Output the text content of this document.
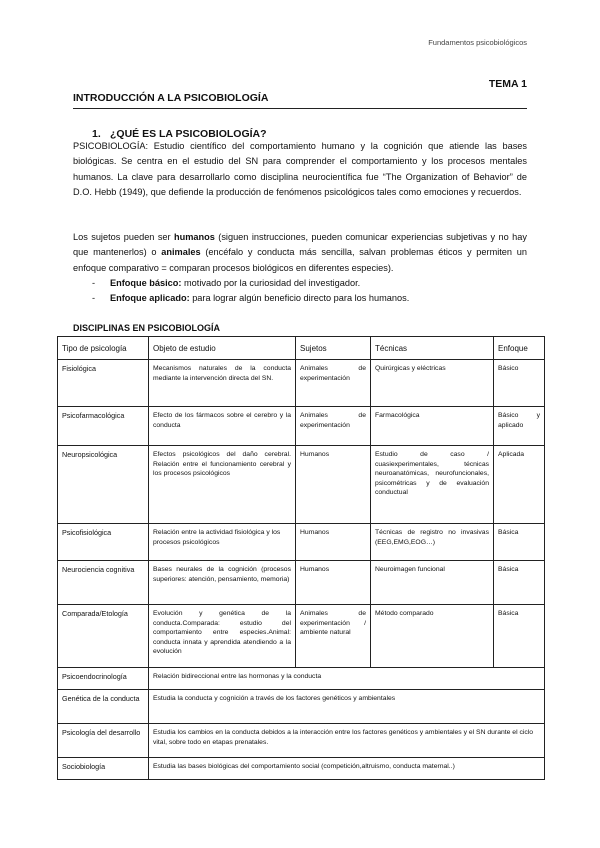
Fundamentos psicobiológicos
TEMA 1
INTRODUCCIÓN A LA PSICOBIOLOGÍA
1. ¿QUÉ ES LA PSICOBIOLOGÍA?
PSICOBIOLOGÍA: Estudio científico del comportamiento humano y la cognición que atiende las bases biológicas. Se centra en el estudio del SN para comprender el comportamiento y los procesos mentales humanos. La clave para desarrollarlo como disciplina neurocientífica fue “The Organization of Behavior” de D.O. Hebb (1949), que defiende la producción de fenómenos psicológicos tales como emociones y recuerdos.
Los sujetos pueden ser humanos (siguen instrucciones, pueden comunicar experiencias subjetivas y no hay que mantenerlos) o animales (encéfalo y conducta más sencilla, salvan problemas éticos y permiten un enfoque comparativo = comparan procesos biológicos en diferentes especies).
- Enfoque básico: motivado por la curiosidad del investigador.
- Enfoque aplicado: para lograr algún beneficio directo para los humanos.
DISCIPLINAS EN PSICOBIOLOGÍA
Tipo de psicología	Objeto de estudio	Sujetos	Técnicas	Enfoque
Fisiológica	Mecanismos naturales de la conducta mediante la intervención directa del SN.	Animales de experimentación	Quirúrgicas y eléctricas	Básico
Psicofarmacológica	Efecto de los fármacos sobre el cerebro y la conducta	Animales de experimentación	Farmacológica	Básico y aplicado
Neuropsicológica	Efectos psicológicos del daño cerebral. Relación entre el funcionamiento cerebral y los procesos psicológicos	Humanos	Estudio de caso / cuasiexperimentales, técnicas neuroanatómicas, neurofuncionales, psicométricas y de evaluación conductual	Aplicada
Psicofisiológica	Relación entre la actividad fisiológica y los procesos psicológicos	Humanos	Técnicas de registro no invasivas (EEG,EMG,EOG…)	Básica
Neurociencia cognitiva	Bases neurales de la cognición (procesos superiores: atención, pensamiento, memoria)	Humanos	Neuroimagen funcional	Básica
Comparada/Etología	Evolución y genética de la conducta.Comparada: estudio del comportamiento entre especies.Animal: conducta innata y aprendida atendiendo a la evolución	Animales de experimentación / ambiente natural	Método comparado	Básica
Psicoendocrinología	Relación bidireccional entre las hormonas y la conducta			
Genética de la conducta	Estudia la conducta y cognición a través de los factores genéticos y ambientales			
Psicología del desarrollo	Estudia los cambios en la conducta debidos a la interacción entre los factores genéticos y ambientales y el SN durante el ciclo vital, sobre todo en etapas prenatales.			
Sociobiología	Estudia las bases biológicas del comportamiento social (competición,altruismo, conducta maternal..)			
